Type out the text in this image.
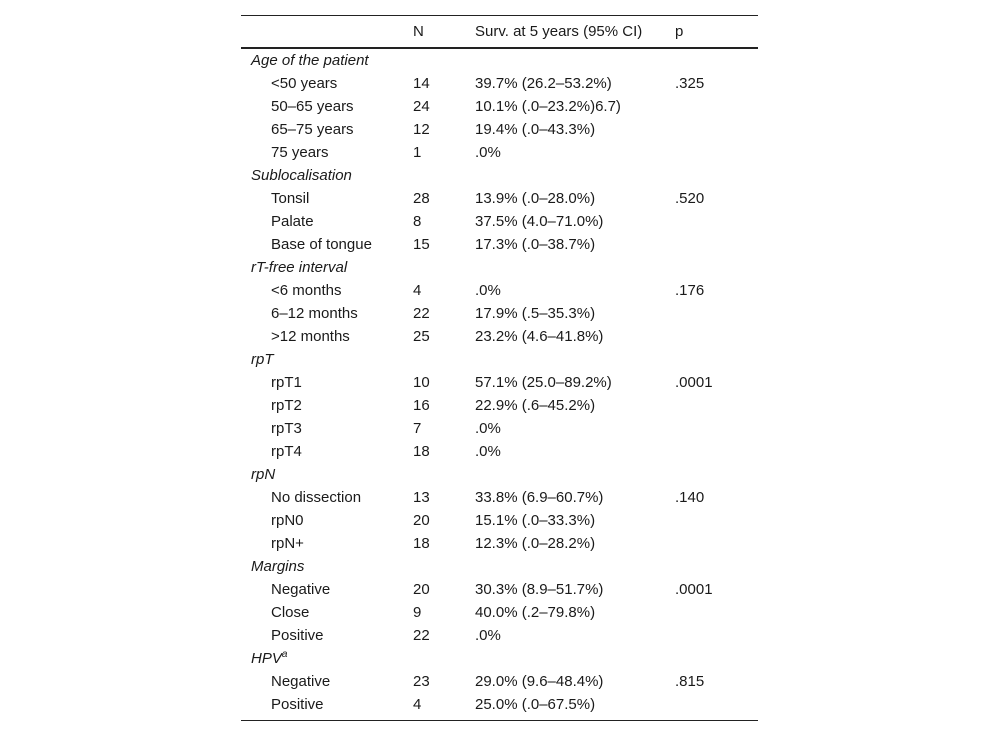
	N	Surv. at 5 years (95% CI)	p
Age of the patient			
<50 years	14	39.7% (26.2–53.2%)	.325
50–65 years	24	10.1% (.0–23.2%)6.7)	
65–75 years	12	19.4% (.0–43.3%)	
75 years	1	.0%	
Sublocalisation			
Tonsil	28	13.9% (.0–28.0%)	.520
Palate	8	37.5% (4.0–71.0%)	
Base of tongue	15	17.3% (.0–38.7%)	
rT-free interval			
<6 months	4	.0%	.176
6–12 months	22	17.9% (.5–35.3%)	
>12 months	25	23.2% (4.6–41.8%)	
rpT			
rpT1	10	57.1% (25.0–89.2%)	.0001
rpT2	16	22.9% (.6–45.2%)	
rpT3	7	.0%	
rpT4	18	.0%	
rpN			
No dissection	13	33.8% (6.9–60.7%)	.140
rpN0	20	15.1% (.0–33.3%)	
rpN+	18	12.3% (.0–28.2%)	
Margins			
Negative	20	30.3% (8.9–51.7%)	.0001
Close	9	40.0% (.2–79.8%)	
Positive	22	.0%	
HPV$^a$			
Negative	23	29.0% (9.6–48.4%)	.815
Positive	4	25.0% (.0–67.5%)	
